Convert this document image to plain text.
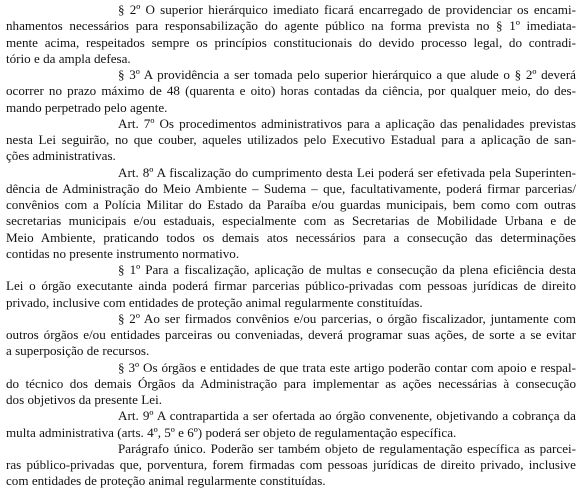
§ 2º O superior hierárquico imediato ficará encarregado de providenciar os encami-
nhamentos necessários para responsabilização do agente público na forma prevista no § 1º imediata-
mente acima, respeitados sempre os princípios constitucionais do devido processo legal, do contradi-
tório e da ampla defesa.
§ 3º A providência a ser tomada pelo superior hierárquico a que alude o § 2º deverá
ocorrer no prazo máximo de 48 (quarenta e oito) horas contadas da ciência, por qualquer meio, do des-
mando perpetrado pelo agente.
Art. 7º Os procedimentos administrativos para a aplicação das penalidades previstas
nesta Lei seguirão, no que couber, aqueles utilizados pelo Executivo Estadual para a aplicação de san-
ções administrativas.
Art. 8º A fiscalização do cumprimento desta Lei poderá ser efetivada pela Superinten-
dência de Administração do Meio Ambiente – Sudema – que, facultativamente, poderá firmar parcerias/
convênios com a Polícia Militar do Estado da Paraíba e/ou guardas municipais, bem como com outras
secretarias municipais e/ou estaduais, especialmente com as Secretarias de Mobilidade Urbana e de
Meio Ambiente, praticando todos os demais atos necessários para a consecução das determinações
contidas no presente instrumento normativo.
§ 1º Para a fiscalização, aplicação de multas e consecução da plena eficiência desta
Lei o órgão executante ainda poderá firmar parcerias público-privadas com pessoas jurídicas de direito
privado, inclusive com entidades de proteção animal regularmente constituídas.
§ 2º Ao ser firmados convênios e/ou parcerias, o órgão fiscalizador, juntamente com
outros órgãos e/ou entidades parceiras ou conveniadas, deverá programar suas ações, de sorte a se evitar
a superposição de recursos.
§ 3º Os órgãos e entidades de que trata este artigo poderão contar com apoio e respal-
do técnico dos demais Órgãos da Administração para implementar as ações necessárias à consecução
dos objetivos da presente Lei.
Art. 9º A contrapartida a ser ofertada ao órgão convenente, objetivando a cobrança da
multa administrativa (arts. 4º, 5º e 6º) poderá ser objeto de regulamentação específica.
Parágrafo único. Poderão ser também objeto de regulamentação específica as parcei-
ras público-privadas que, porventura, forem firmadas com pessoas jurídicas de direito privado, inclusive
com entidades de proteção animal regularmente constituídas.
